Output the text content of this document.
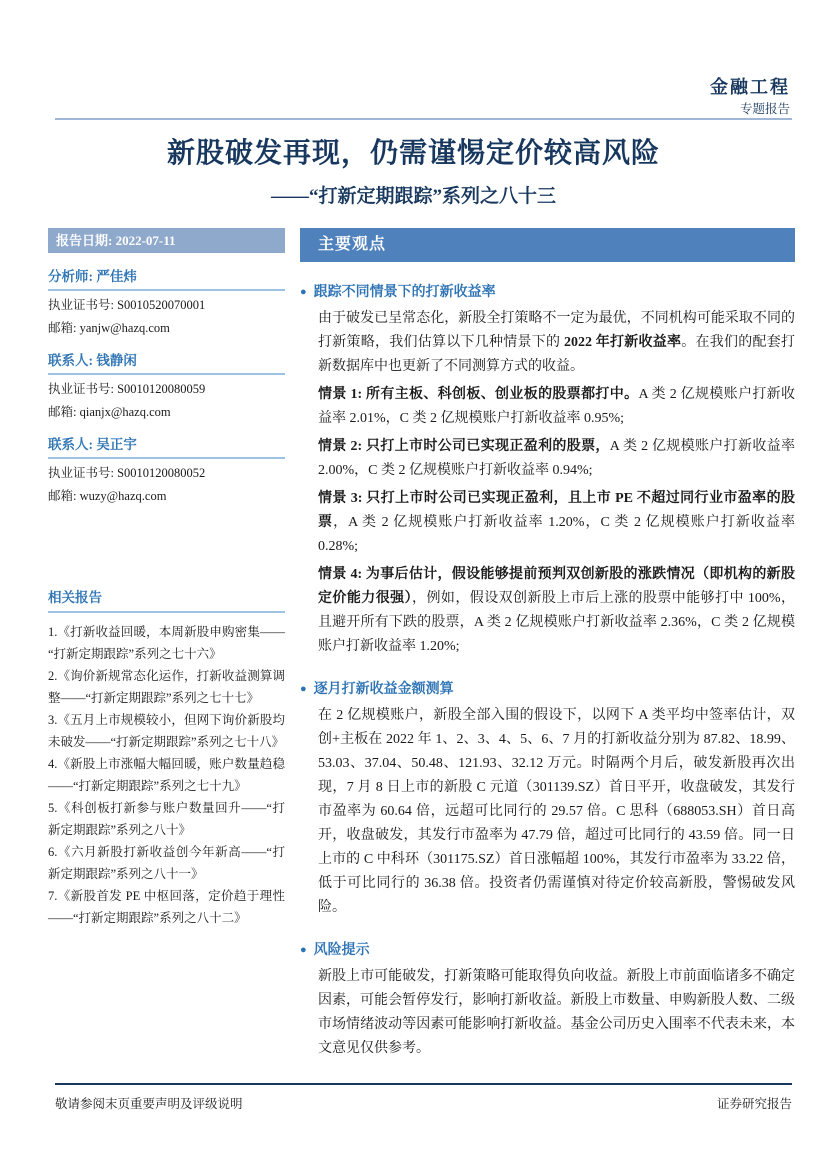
金融工程
专题报告
新股破发再现，仍需谨惕定价较高风险
——“打新定期跟踪”系列之八十三
报告日期: 2022-07-11
分析师: 严佳炜
执业证书号: S0010520070001
邮箱: yanjw@hazq.com
联系人: 钱静闲
执业证书号: S0010120080059
邮箱: qianjx@hazq.com
联系人: 吴正宇
执业证书号: S0010120080052
邮箱: wuzy@hazq.com
相关报告
1.《打新收益回暖，本周新股申购密集——“打新定期跟踪”系列之七十六》
2.《询价新规常态化运作，打新收益测算调整——“打新定期跟踪”系列之七十七》
3.《五月上市规模较小，但网下询价新股均未破发——“打新定期跟踪”系列之七十八》
4.《新股上市涨幅大幅回暖，账户数量趋稳——“打新定期跟踪”系列之七十九》
5.《科创板打新参与账户数量回升——“打新定期跟踪”系列之八十》
6.《六月新股打新收益创今年新高——“打新定期跟踪”系列之八十一》
7.《新股首发 PE 中枢回落，定价趋于理性——“打新定期跟踪”系列之八十二》
主要观点
● 跟踪不同情景下的打新收益率

由于破发已呈常态化，新股全打策略不一定为最优，不同机构可能采取不同的打新策略，我们估算以下几种情景下的 2022 年打新收益率。在我们的配套打新数据库中也更新了不同测算方式的收益。

情景 1: 所有主板、科创板、创业板的股票都打中。A 类 2 亿规模账户打新收益率 2.01%，C 类 2 亿规模账户打新收益率 0.95%;

情景 2: 只打上市时公司已实现正盈利的股票，A 类 2 亿规模账户打新收益率 2.00%，C 类 2 亿规模账户打新收益率 0.94%;

情景 3: 只打上市时公司已实现正盈利，且上市 PE 不超过同行业市盈率的股票，A 类 2 亿规模账户打新收益率 1.20%，C 类 2 亿规模账户打新收益率 0.28%;

情景 4: 为事后估计，假设能够提前预判双创新股的涨跌情况（即机构的新股定价能力很强），例如，假设双创新股上市后上涨的股票中能够打中 100%，且避开所有下跌的股票，A 类 2 亿规模账户打新收益率 2.36%，C 类 2 亿规模账户打新收益率 1.20%;

● 逐月打新收益金额测算

在 2 亿规模账户，新股全部入围的假设下，以网下 A 类平均中签率估计，双创+主板在 2022 年 1、2、3、4、5、6、7 月的打新收益分别为 87.82、18.99、53.03、37.04、50.48、121.93、32.12 万元。时隔两个月后，破发新股再次出现，7 月 8 日上市的新股 C 元道（301139.SZ）首日平开，收盘破发，其发行市盈率为 60.64 倍，远超可比同行的 29.57 倍。C 思科（688053.SH）首日高开，收盘破发，其发行市盈率为 47.79 倍，超过可比同行的 43.59 倍。同一日上市的 C 中科环（301175.SZ）首日涨幅超 100%，其发行市盈率为 33.22 倍，低于可比同行的 36.38 倍。投资者仍需谨慎对待定价较高新股，警惕破发风险。

● 风险提示

新股上市可能破发，打新策略可能取得负向收益。新股上市前面临诸多不确定因素，可能会暂停发行，影响打新收益。新股上市数量、申购新股人数、二级市场情绪波动等因素可能影响打新收益。基金公司历史入围率不代表未来，本文意见仅供参考。

敬请参阅末页重要声明及评级说明	证券研究报告
